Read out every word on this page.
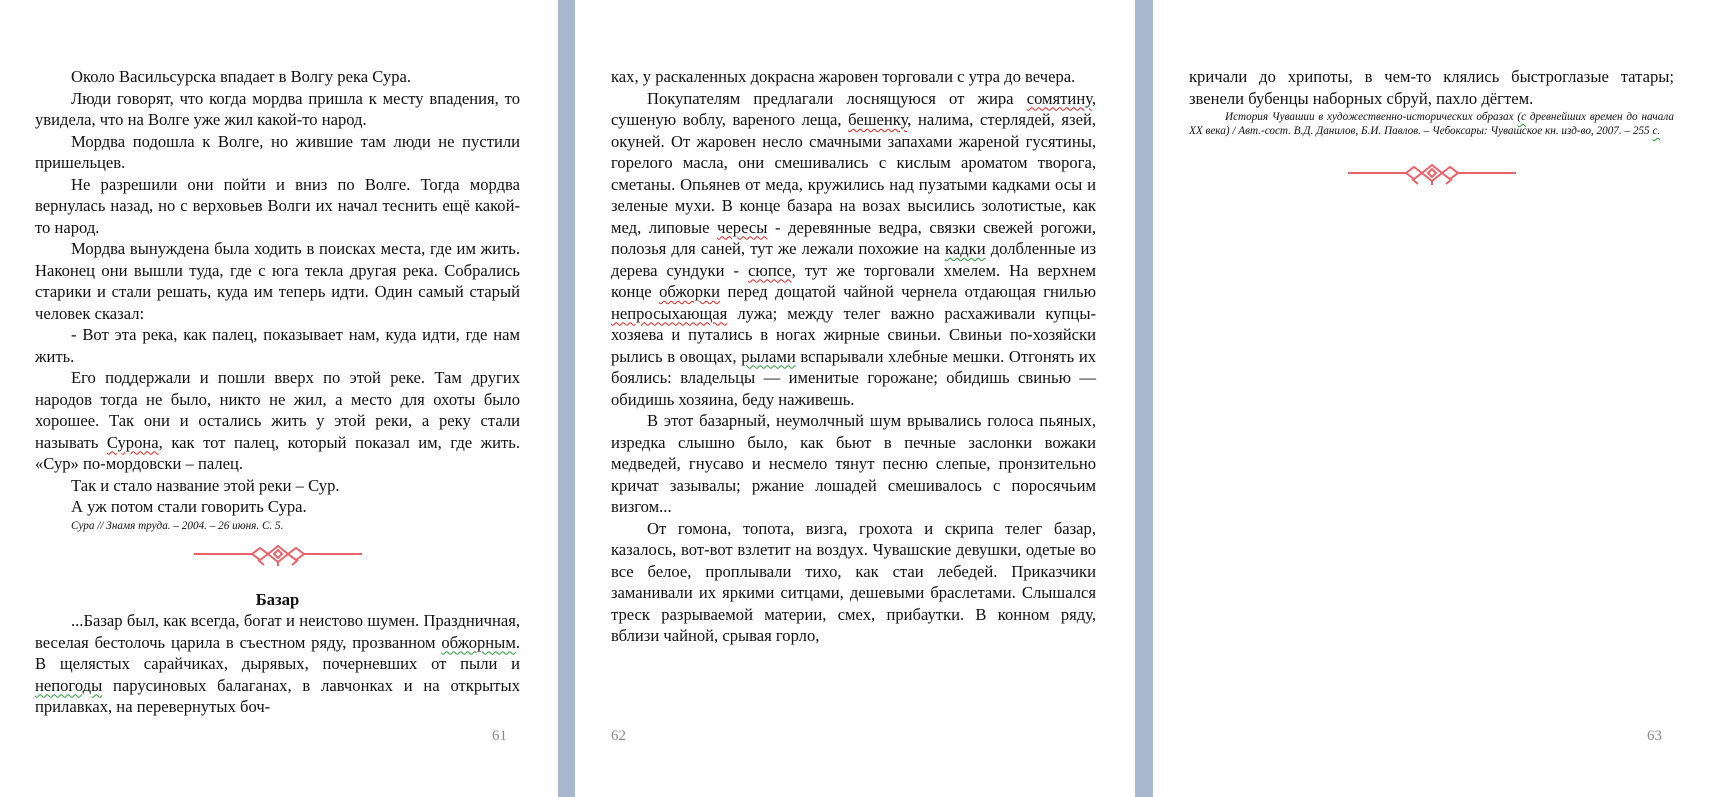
Около Васильсурска впадает в Волгу река Сура.

Люди говорят, что когда мордва пришла к месту впадения, то увидела, что на Волге уже жил какой-то народ.

Мордва подошла к Волге, но жившие там люди не пустили пришельцев.

Не разрешили они пойти и вниз по Волге. Тогда мордва вернулась назад, но с верховьев Волги их начал теснить ещё какой-то народ.

Мордва вынуждена была ходить в поисках места, где им жить. Наконец они вышли туда, где с юга текла другая река. Собрались старики и стали решать, куда им теперь идти. Один самый старый человек сказал:

- Вот эта река, как палец, показывает нам, куда идти, где нам жить.

Его поддержали и пошли вверх по этой реке. Там других народов тогда не было, никто не жил, а место для охоты было хорошее. Так они и остались жить у этой реки, а реку стали называть Сурона, как тот палец, который показал им, где жить. «Сур» по-мордовски – палец.

Так и стало название этой реки – Сур.

А уж потом стали говорить Сура.

Сура // Знамя труда. – 2004. – 26 июня. С. 5.

Базар

...Базар был, как всегда, богат и неистово шумен. Праздничная, веселая бестолочь царила в съестном ряду, прозванном обжорным. В щелястых сарайчиках, дырявых, почерневших от пыли и непогоды парусиновых балаганах, в лавчонках и на открытых прилавках, на перевернутых боч-

61

ках, у раскаленных докрасна жаровен торговали с утра до вечера.

Покупателям предлагали лоснящуюся от жира сомятину, сушеную воблу, вареного леща, бешенку, налима, стерлядей, язей, окуней. От жаровен несло смачными запахами жареной гусятины, горелого масла, они смешивались с кислым ароматом творога, сметаны. Опьянев от меда, кружились над пузатыми кадками осы и зеленые мухи. В конце базара на возах высились золотистые, как мед, липовые чересы - деревянные ведра, связки свежей рогожи, полозья для саней, тут же лежали похожие на кадки долбленные из дерева сундуки - сюпсе, тут же торговали хмелем. На верхнем конце обжорки перед дощатой чайной чернела отдающая гнилью непросыхающая лужа; между телег важно расхаживали купцы-хозяева и путались в ногах жирные свиньи. Свиньи по-хозяйски рылись в овощах, рылами вспарывали хлебные мешки. Отгонять их боялись: владельцы — именитые горожане; обидишь свинью — обидишь хозяина, беду наживешь.

В этот базарный, неумолчный шум врывались голоса пьяных, изредка слышно было, как бьют в печные заслонки вожаки медведей, гнусаво и несмело тянут песню слепые, пронзительно кричат зазывалы; ржание лошадей смешивалось с поросячьим визгом...

От гомона, топота, визга, грохота и скрипа телег базар, казалось, вот-вот взлетит на воздух. Чувашские девушки, одетые во все белое, проплывали тихо, как стаи лебедей. Приказчики заманивали их яркими ситцами, дешевыми браслетами. Слышался треск разрываемой материи, смех, прибаутки. В конном ряду, вблизи чайной, срывая горло,

62

кричали до хрипоты, в чем-то клялись быстроглазые татары; звенели бубенцы наборных сбруй, пахло дёгтем.

История Чувашии в художественно-исторических образах (с древнейших времен до начала XX века) / Авт.-сост. В.Д. Данилов, Б.И. Павлов. – Чебоксары: Чувашское кн. изд-во, 2007. – 255 с.

63
